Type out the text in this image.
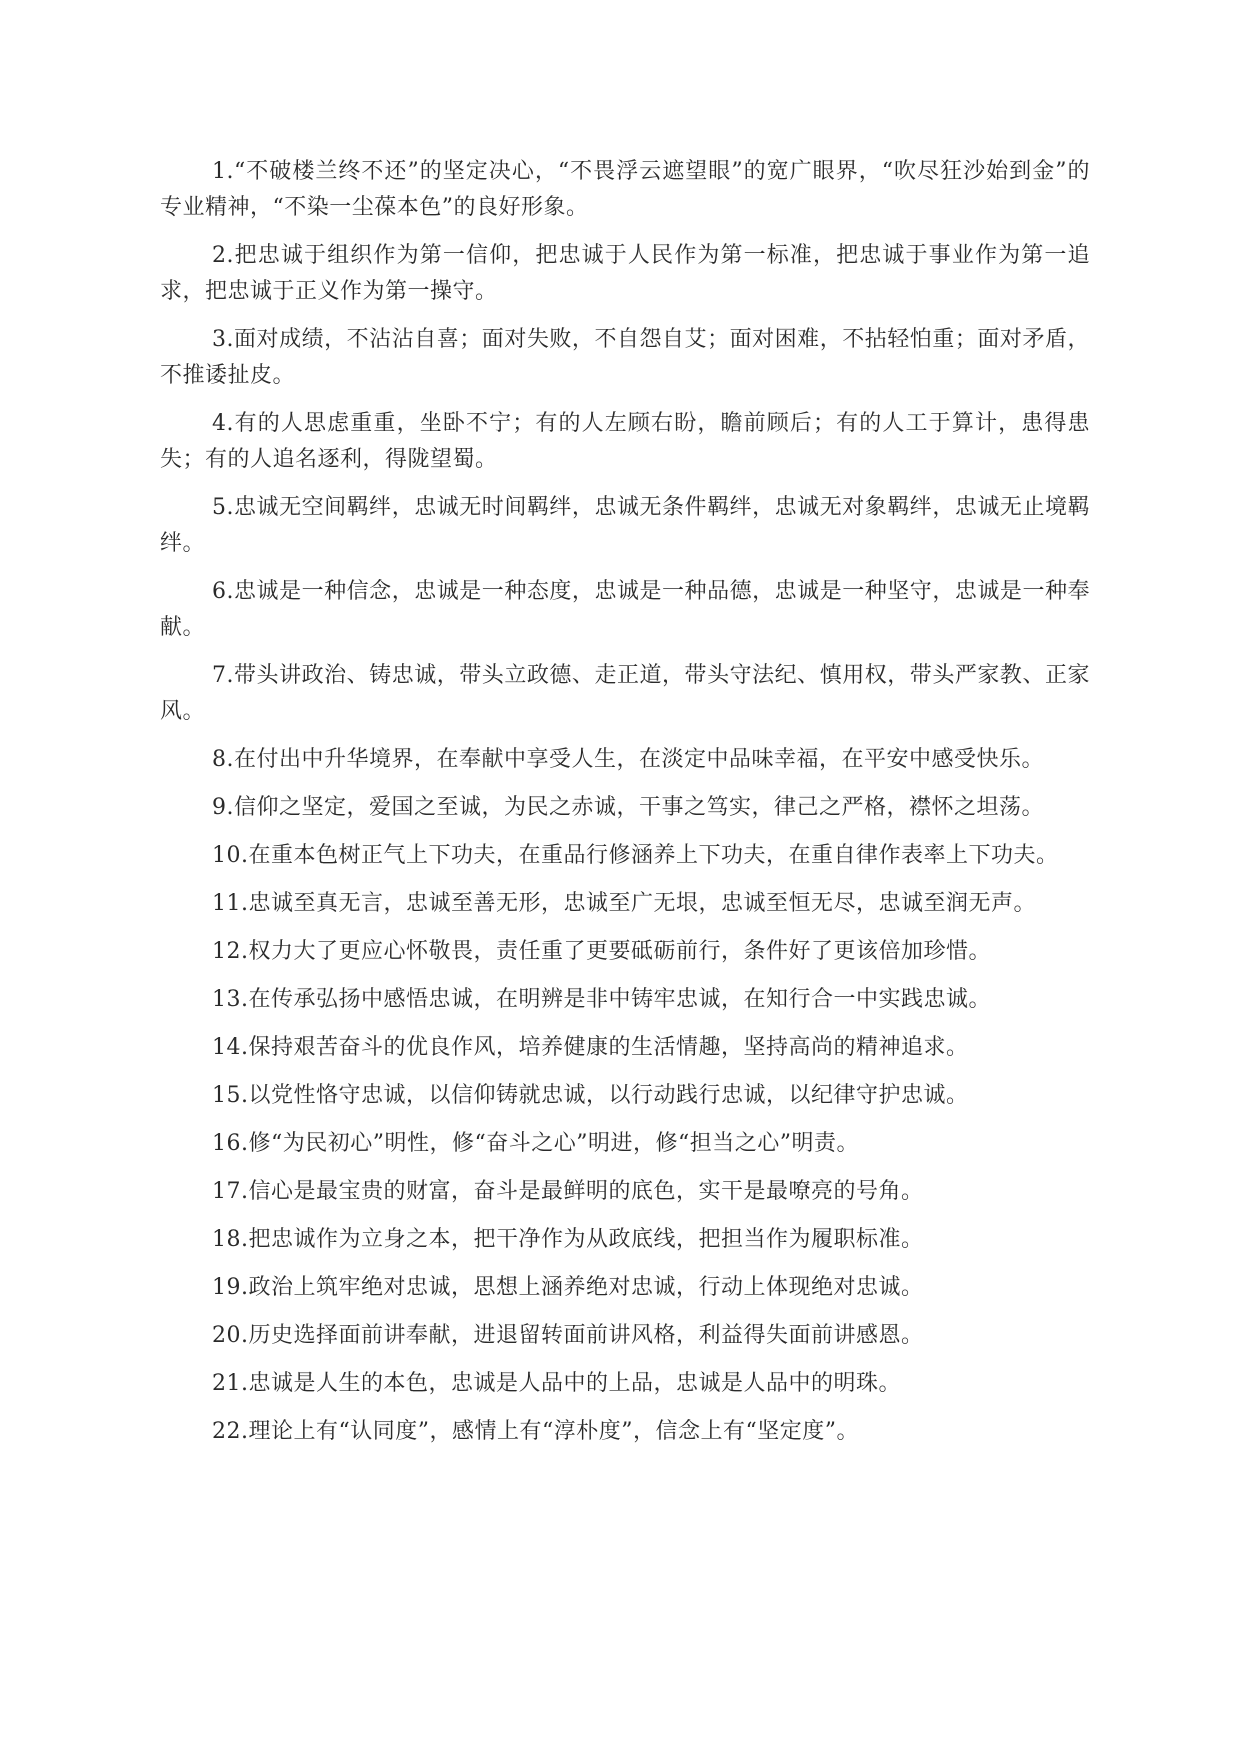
1.“不破楼兰终不还”的坚定决心，“不畏浮云遮望眼”的宽广眼界，“吹尽狂沙始到金”的专业精神，“不染一尘葆本色”的良好形象。

2.把忠诚于组织作为第一信仰，把忠诚于人民作为第一标准，把忠诚于事业作为第一追求，把忠诚于正义作为第一操守。

3.面对成绩，不沾沾自喜；面对失败，不自怨自艾；面对困难，不拈轻怕重；面对矛盾，不推诿扯皮。

4.有的人思虑重重，坐卧不宁；有的人左顾右盼，瞻前顾后；有的人工于算计，患得患失；有的人追名逐利，得陇望蜀。

5.忠诚无空间羁绊，忠诚无时间羁绊，忠诚无条件羁绊，忠诚无对象羁绊，忠诚无止境羁绊。

6.忠诚是一种信念，忠诚是一种态度，忠诚是一种品德，忠诚是一种坚守，忠诚是一种奉献。

7.带头讲政治、铸忠诚，带头立政德、走正道，带头守法纪、慎用权，带头严家教、正家风。

8.在付出中升华境界，在奉献中享受人生，在淡定中品味幸福，在平安中感受快乐。

9.信仰之坚定，爱国之至诚，为民之赤诚，干事之笃实，律己之严格，襟怀之坦荡。

10.在重本色树正气上下功夫，在重品行修涵养上下功夫，在重自律作表率上下功夫。

11.忠诚至真无言，忠诚至善无形，忠诚至广无垠，忠诚至恒无尽，忠诚至润无声。

12.权力大了更应心怀敬畏，责任重了更要砥砺前行，条件好了更该倍加珍惜。

13.在传承弘扬中感悟忠诚，在明辨是非中铸牢忠诚，在知行合一中实践忠诚。

14.保持艰苦奋斗的优良作风，培养健康的生活情趣，坚持高尚的精神追求。

15.以党性恪守忠诚，以信仰铸就忠诚，以行动践行忠诚，以纪律守护忠诚。

16.修“为民初心”明性，修“奋斗之心”明进，修“担当之心”明责。

17.信心是最宝贵的财富，奋斗是最鲜明的底色，实干是最嘹亮的号角。

18.把忠诚作为立身之本，把干净作为从政底线，把担当作为履职标准。

19.政治上筑牢绝对忠诚，思想上涵养绝对忠诚，行动上体现绝对忠诚。

20.历史选择面前讲奉献，进退留转面前讲风格，利益得失面前讲感恩。

21.忠诚是人生的本色，忠诚是人品中的上品，忠诚是人品中的明珠。

22.理论上有“认同度”，感情上有“淳朴度”，信念上有“坚定度”。
